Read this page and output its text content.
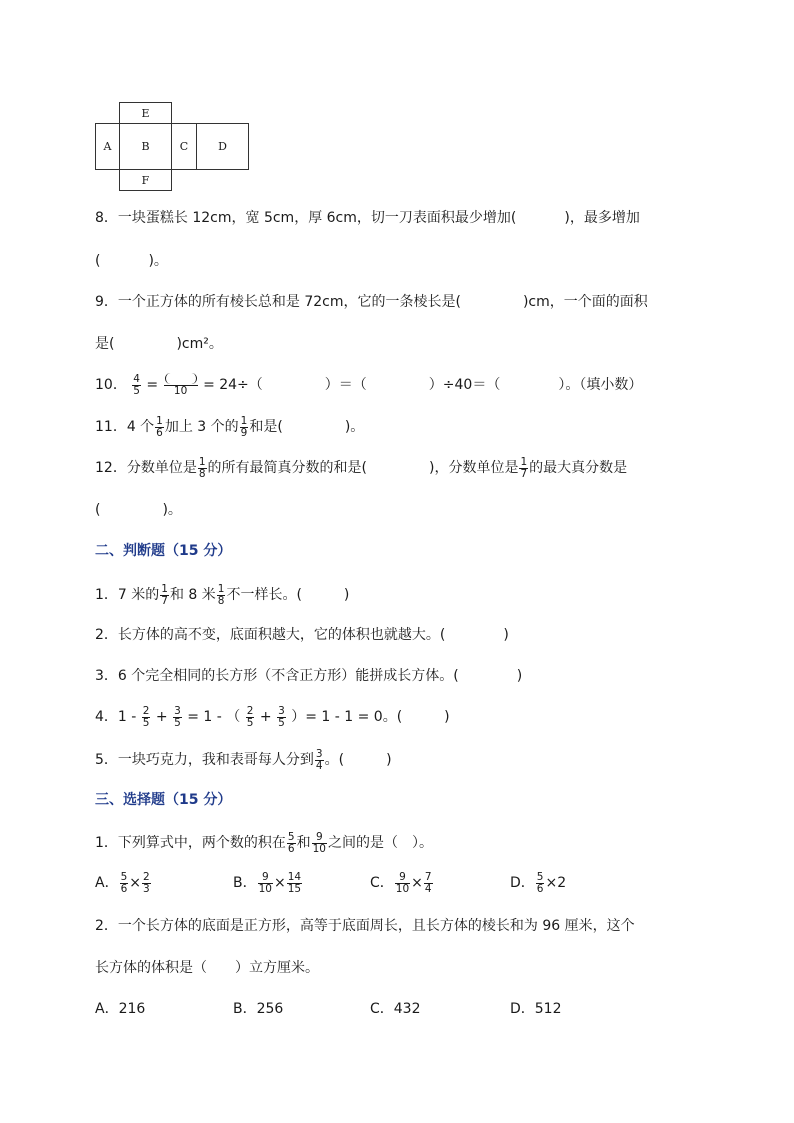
E
A	B	C	D
F
8．一块蛋糕长 12cm，宽 5cm，厚 6cm，切一刀表面积最少增加(	)，最多增加
(	)。
9．一个正方体的所有棱长总和是 72cm，它的一条棱长是(	)cm，一个面的面积
是(	)cm²。
10． $\frac{4}{5}$ =	10	= 24÷（	）＝（	）÷40＝（	）。（填小数）
11．4 个 $\frac{1}{6}$ 加上 3 个的 $\frac{1}{9}$ 和是(	)。
12．分数单位是 $\frac{1}{8}$ 的所有最简真分数的和是(	)，分数单位是 $\frac{1}{7}$ 的最大真分数是
(	)。
二、判断题（15 分）
1．7 米的 $\frac{1}{7}$ 和 8 米 $\frac{1}{8}$ 不一样长。(	)
2．长方体的高不变，底面积越大，它的体积也就越大。(	)
3．6 个完全相同的长方形（不含正方形）能拼成长方体。(	)
4．$1 - \frac{2}{5} + \frac{3}{5} = 1$ - （ $\frac{2}{5} + \frac{3}{5}$ ）= 1 - 1 = 0。(	)
5．一块巧克力，我和表哥每人分到 $\frac{3}{4}$ 。(	)
三、选择题（15 分）
1．下列算式中，两个数的积在 $\frac{5}{6}$ 和 $\frac{9}{10}$ 之间的是（ ）。
A． $\frac{5}{6} \times \frac{2}{3}$	B． $\frac{9}{10} \times \frac{14}{15}$	C． $\frac{9}{10} \times \frac{7}{4}$	D． $\frac{5}{6} \times 2$
2．一个长方体的底面是正方形，高等于底面周长，且长方体的棱长和为 96 厘米，这个
长方体的体积是（　　）立方厘米。
A．216	B．256	C．432	D．512
